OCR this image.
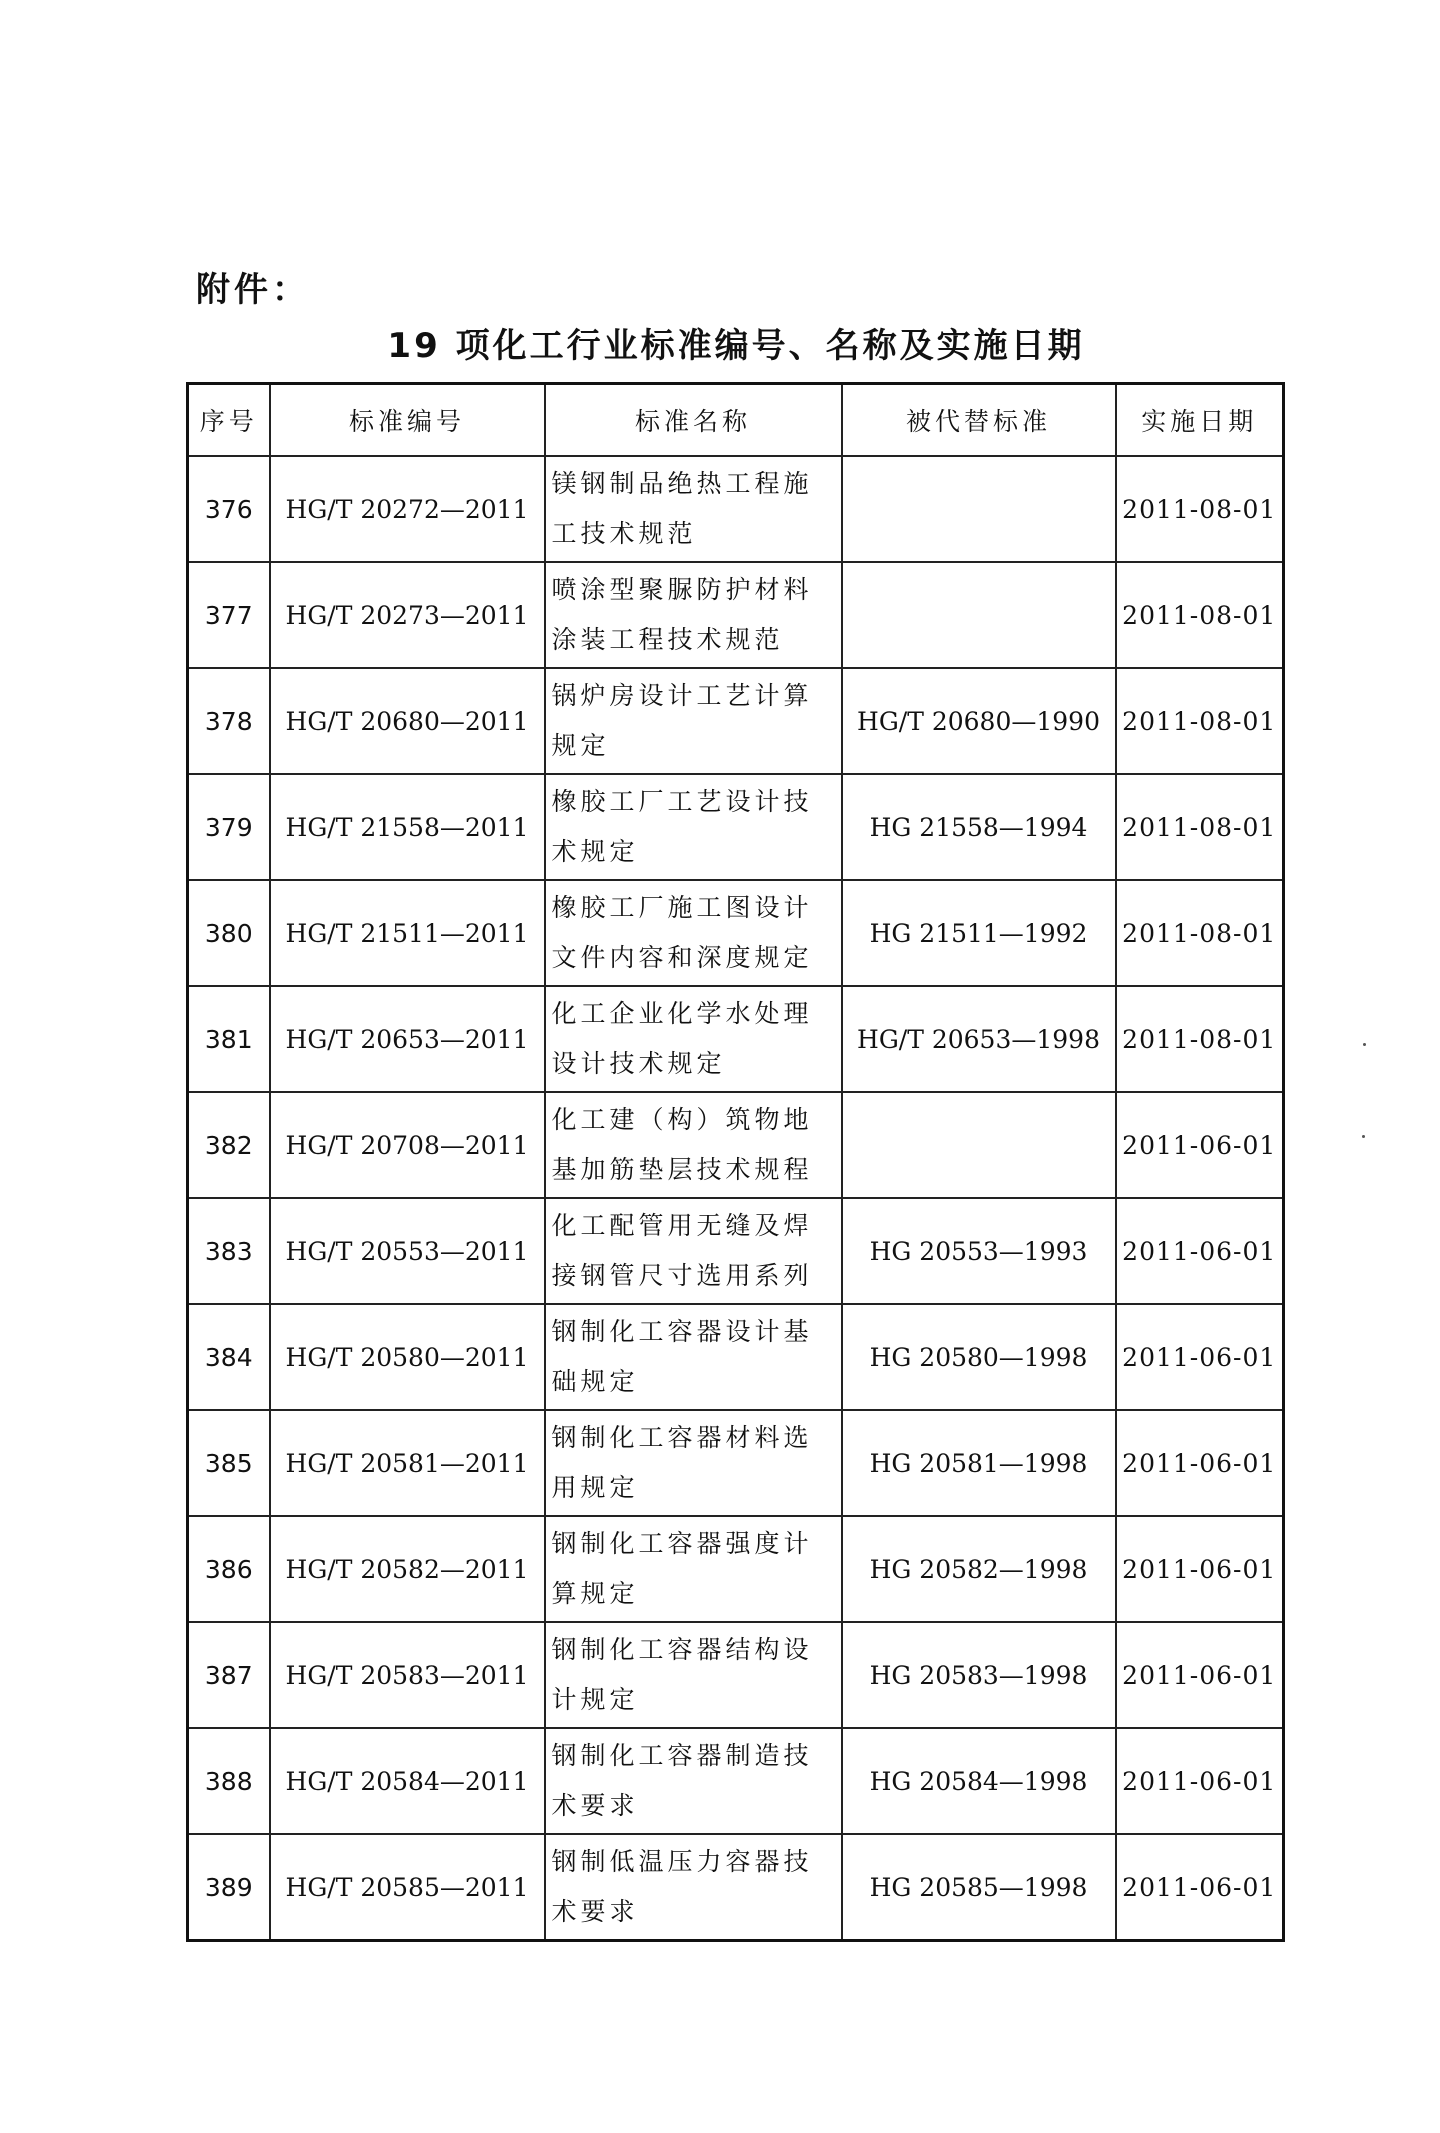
附件：
19 项化工行业标准编号、名称及实施日期
序号	标准编号	标准名称	被代替标准	实施日期
376	HG/T 20272—2011	镁钢制品绝热工程施工技术规范		2011-08-01
377	HG/T 20273—2011	喷涂型聚脲防护材料涂装工程技术规范		2011-08-01
378	HG/T 20680—2011	锅炉房设计工艺计算规定	HG/T 20680—1990	2011-08-01
379	HG/T 21558—2011	橡胶工厂工艺设计技术规定	HG 21558—1994	2011-08-01
380	HG/T 21511—2011	橡胶工厂施工图设计文件内容和深度规定	HG 21511—1992	2011-08-01
381	HG/T 20653—2011	化工企业化学水处理设计技术规定	HG/T 20653—1998	2011-08-01
382	HG/T 20708—2011	化工建（构）筑物地基加筋垫层技术规程		2011-06-01
383	HG/T 20553—2011	化工配管用无缝及焊接钢管尺寸选用系列	HG 20553—1993	2011-06-01
384	HG/T 20580—2011	钢制化工容器设计基础规定	HG 20580—1998	2011-06-01
385	HG/T 20581—2011	钢制化工容器材料选用规定	HG 20581—1998	2011-06-01
386	HG/T 20582—2011	钢制化工容器强度计算规定	HG 20582—1998	2011-06-01
387	HG/T 20583—2011	钢制化工容器结构设计规定	HG 20583—1998	2011-06-01
388	HG/T 20584—2011	钢制化工容器制造技术要求	HG 20584—1998	2011-06-01
389	HG/T 20585—2011	钢制低温压力容器技术要求	HG 20585—1998	2011-06-01
